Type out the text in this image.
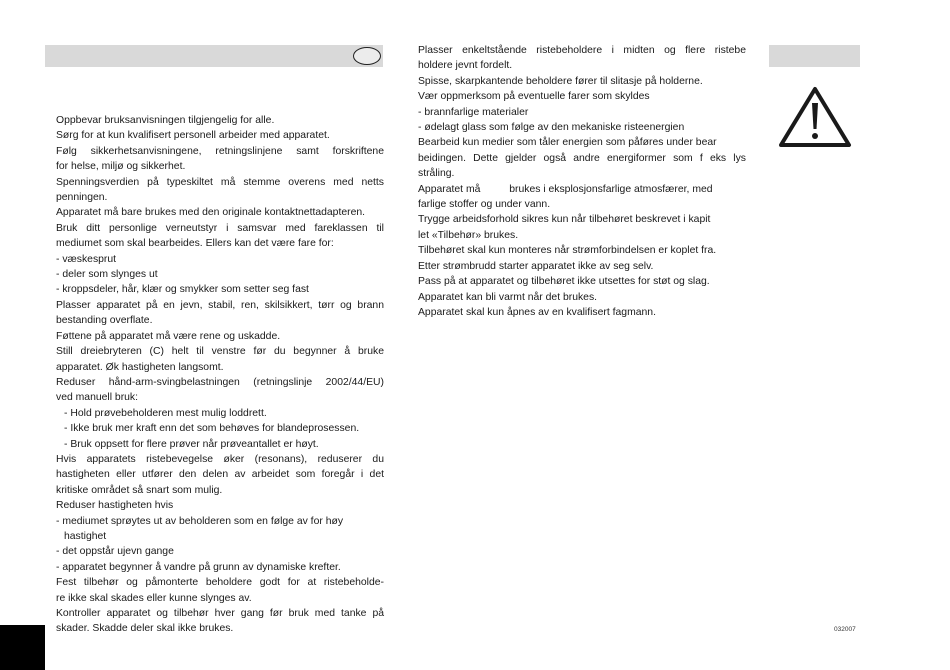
Oppbevar bruksanvisningen tilgjengelig for alle.
Sørg for at kun kvalifisert personell arbeider med apparatet.
Følg sikkerhetsanvisningene, retningslinjene samt forskriftene
for helse, miljø og sikkerhet.
Spenningsverdien på typeskiltet må stemme overens med netts
penningen.
Apparatet må bare brukes med den originale kontaktnettadapteren.
Bruk ditt personlige verneutstyr i samsvar med fareklassen til
mediumet som skal bearbeides. Ellers kan det være fare for:
- væskesprut
- deler som slynges ut
- kroppsdeler, hår, klær og smykker som setter seg fast
Plasser apparatet på en jevn, stabil, ren, skilsikkert, tørr og brann
bestanding overflate.
Føttene på apparatet må være rene og uskadde.
Still dreiebryteren (C) helt til venstre før du begynner å bruke
apparatet. Øk hastigheten langsomt.
Reduser hånd-arm-svingbelastningen (retningslinje 2002/44/EU)
ved manuell bruk:
- Hold prøvebeholderen mest mulig loddrett.
- Ikke bruk mer kraft enn det som behøves for blandeprosessen.
- Bruk oppsett for flere prøver når prøveantallet er høyt.
Hvis apparatets ristebevegelse øker (resonans), reduserer du
hastigheten eller utfører den delen av arbeidet som foregår i det
kritiske området så snart som mulig.
Reduser hastigheten hvis
- mediumet sprøytes ut av beholderen som en følge av for høy
hastighet
- det oppstår ujevn gange
- apparatet begynner å vandre på grunn av dynamiske krefter.
Fest tilbehør og påmonterte beholdere godt for at ristebeholde-
re ikke skal skades eller kunne slynges av.
Kontroller apparatet og tilbehør hver gang før bruk med tanke på
skader. Skadde deler skal ikke brukes.
Plasser enkeltstående ristebeholdere i midten og flere ristebe
holdere jevnt fordelt.
Spisse, skarpkantende beholdere fører til slitasje på holderne.
Vær oppmerksom på eventuelle farer som skyldes
- brannfarlige materialer
- ødelagt glass som følge av den mekaniske risteenergien
Bearbeid kun medier som tåler energien som påføres under bear
beidingen. Dette gjelder også andre energiformer som f eks lys
stråling.
Apparatet må          brukes i eksplosjonsfarlige atmosfærer, med
farlige stoffer og under vann.
Trygge arbeidsforhold sikres kun når tilbehøret beskrevet i kapit
let «Tilbehør» brukes.
Tilbehøret skal kun monteres når strømforbindelsen er koplet fra.
Etter strømbrudd starter apparatet ikke av seg selv.
Pass på at apparatet og tilbehøret ikke utsettes for støt og slag.
Apparatet kan bli varmt når det brukes.
Apparatet skal kun åpnes av en kvalifisert fagmann.
032007
